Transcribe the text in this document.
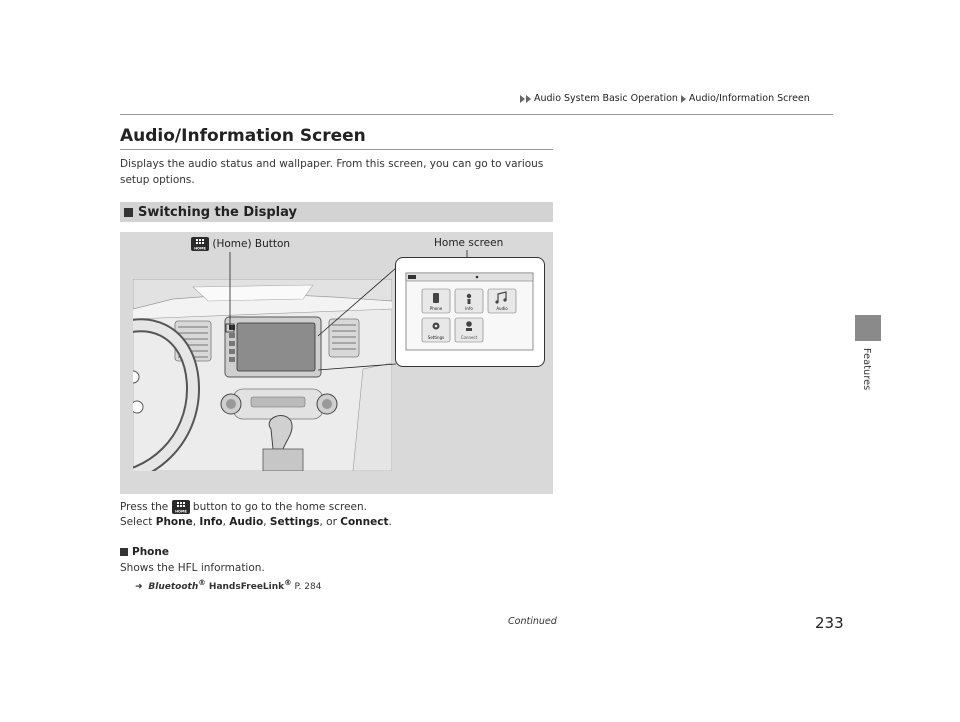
Audio System Basic Operation Audio/Information Screen
Features
Audio/Information Screen

Displays the audio status and wallpaper. From this screen, you can go to various setup options.

Switching the Display
HOME (Home) Button	Home screen
Phone	Info	Audio
Settings	Connect

Press the HOME button to go to the home screen.

Select Phone, Info, Audio, Settings, or Connect.

Phone

Shows the HFL information.

➜ Bluetooth® HandsFreeLink® P. 284
Continued	233
